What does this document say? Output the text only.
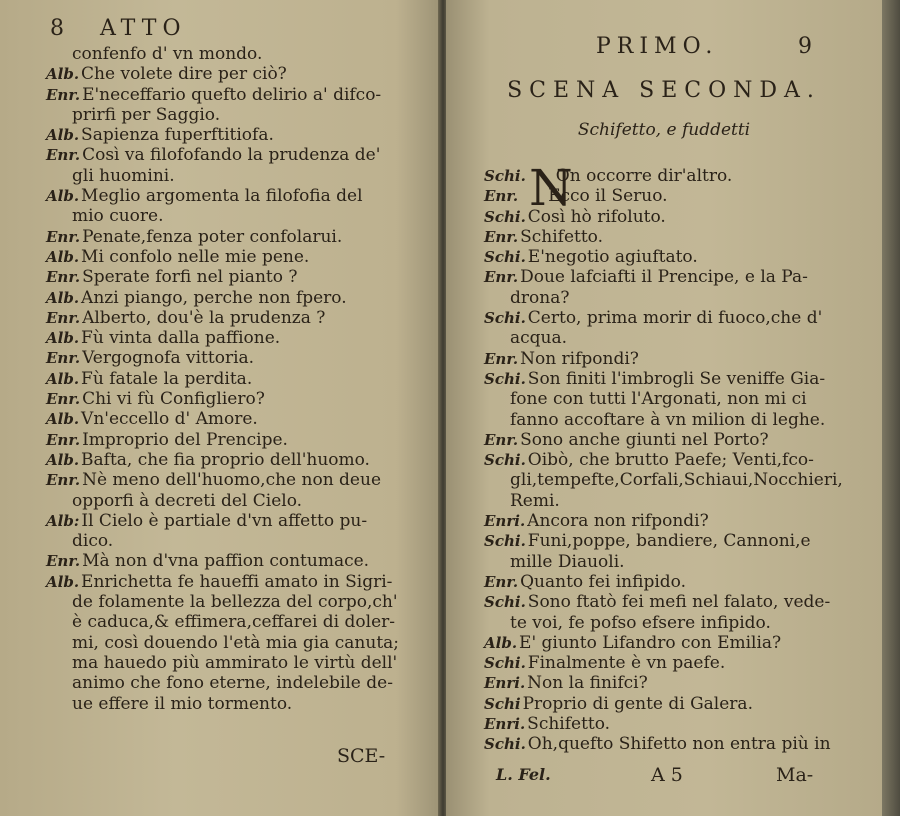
8 ATTO
confenfo d' vn mondo.
Alb. Che volete dire per ciò?
Enr. E'neceffario quefto delirio a' difco-
prirfi per Saggio.
Alb. Sapienza fuperftitiofa.
Enr. Così va filofofando la prudenza de'
gli huomini.
Alb. Meglio argomenta la filofofia del
mio cuore.
Enr. Penate,fenza poter confolarui.
Alb. Mi confolo nelle mie pene.
Enr. Sperate forfi nel pianto ?
Alb. Anzi piango, perche non fpero.
Enr. Alberto, dou'è la prudenza ?
Alb. Fù vinta dalla paffione.
Enr. Vergognofa vittoria.
Alb. Fù fatale la perdita.
Enr. Chi vi fù Configliero?
Alb. Vn'eccello d' Amore.
Enr. Improprio del Prencipe.
Alb. Bafta, che fia proprio dell'huomo.
Enr. Nè meno dell'huomo,che non deue
opporfi à decreti del Cielo.
Alb: Il Cielo è partiale d'vn affetto pu-
dico.
Enr. Mà non d'vna paffion contumace.
Alb. Enrichetta fe haueffi amato in Sigri-
de folamente la bellezza del corpo,ch'
è caduca,& effimera,ceffarei di doler-
mi, così douendo l'età mia gia canuta;
ma hauedo più ammirato le virtù dell'
animo che fono eterne, indelebile de-
ue effere il mio tormento.
SCE-
PRIMO.	9
SCENA SECONDA.
Schifetto, e fuddetti
N
Schi. On occorre dir'altro.
Enr. Ecco il Seruo.
Schi. Così hò rifoluto.
Enr. Schifetto.
Schi. E'negotio agiuftato.
Enr. Doue lafciafti il Prencipe, e la Pa-
drona?
Schi. Certo, prima morir di fuoco,che d'
acqua.
Enr. Non rifpondi?
Schi. Son finiti l'imbrogli Se veniffe Gia-
fone con tutti l'Argonati, non mi ci
fanno accoftare à vn milion di leghe.
Enr. Sono anche giunti nel Porto?
Schi. Oibò, che brutto Paefe; Venti,fco-
gli,tempefte,Corfali,Schiaui,Nocchieri,
Remi.
Enri. Ancora non rifpondi?
Schi. Funi,poppe, bandiere, Cannoni,e
mille Diauoli.
Enr. Quanto fei infipido.
Schi. Sono ftatò fei mefi nel falato, vede-
te voi, fe pofso efsere infipido.
Alb. E' giunto Lifandro con Emilia?
Schi. Finalmente è vn paefe.
Enri. Non la finifci?
Schi Proprio di gente di Galera.
Enri. Schifetto.
Schi. Oh,quefto Shifetto non entra più in
L. Fel.	A 5	Ma-
